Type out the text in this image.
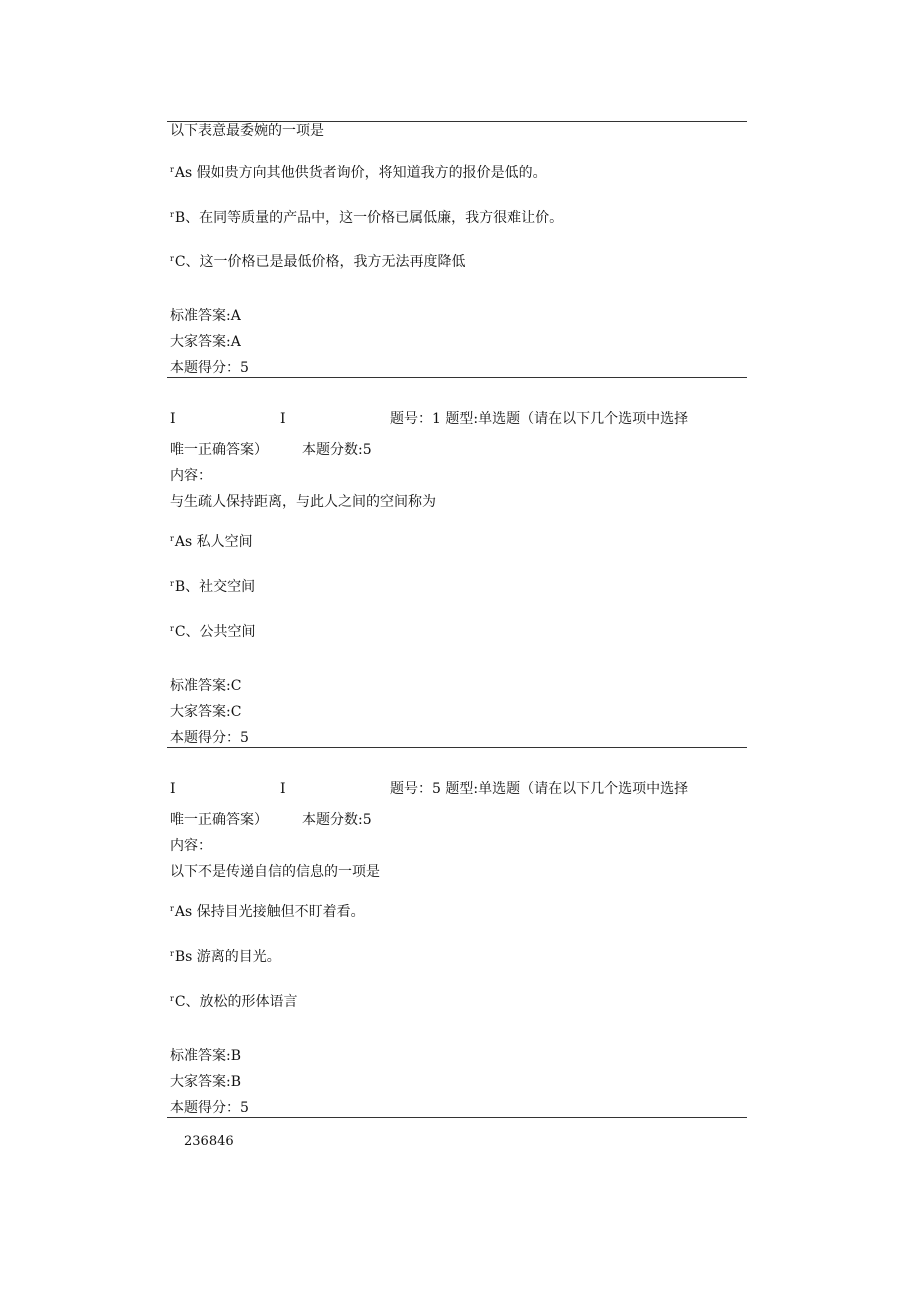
以下表意最委婉的一项是
$^r$As 假如贵方向其他供货者询价，将知道我方的报价是低的。
$^r$B、在同等质量的产品中，这一价格已属低廉，我方很难让价。
$^r$C、这一价格已是最低价格，我方无法再度降低
标准答案:A
大家答案:A
本题得分：5
I	I	题号：1 题型:单选题（请在以下几个选项中选择
唯一正确答案） 本题分数:5
内容：
与生疏人保持距离，与此人之间的空间称为
$^r$As 私人空间
$^r$B、社交空间
$^r$C、公共空间
标准答案:C
大家答案:C
本题得分：5
I	I	题号：5 题型:单选题（请在以下几个选项中选择
唯一正确答案） 本题分数:5
内容：
以下不是传递自信的信息的一项是
$^r$As 保持目光接触但不盯着看。
$^r$Bs 游离的目光。
$^r$C、放松的形体语言
标准答案:B
大家答案:B
本题得分：5
236846
